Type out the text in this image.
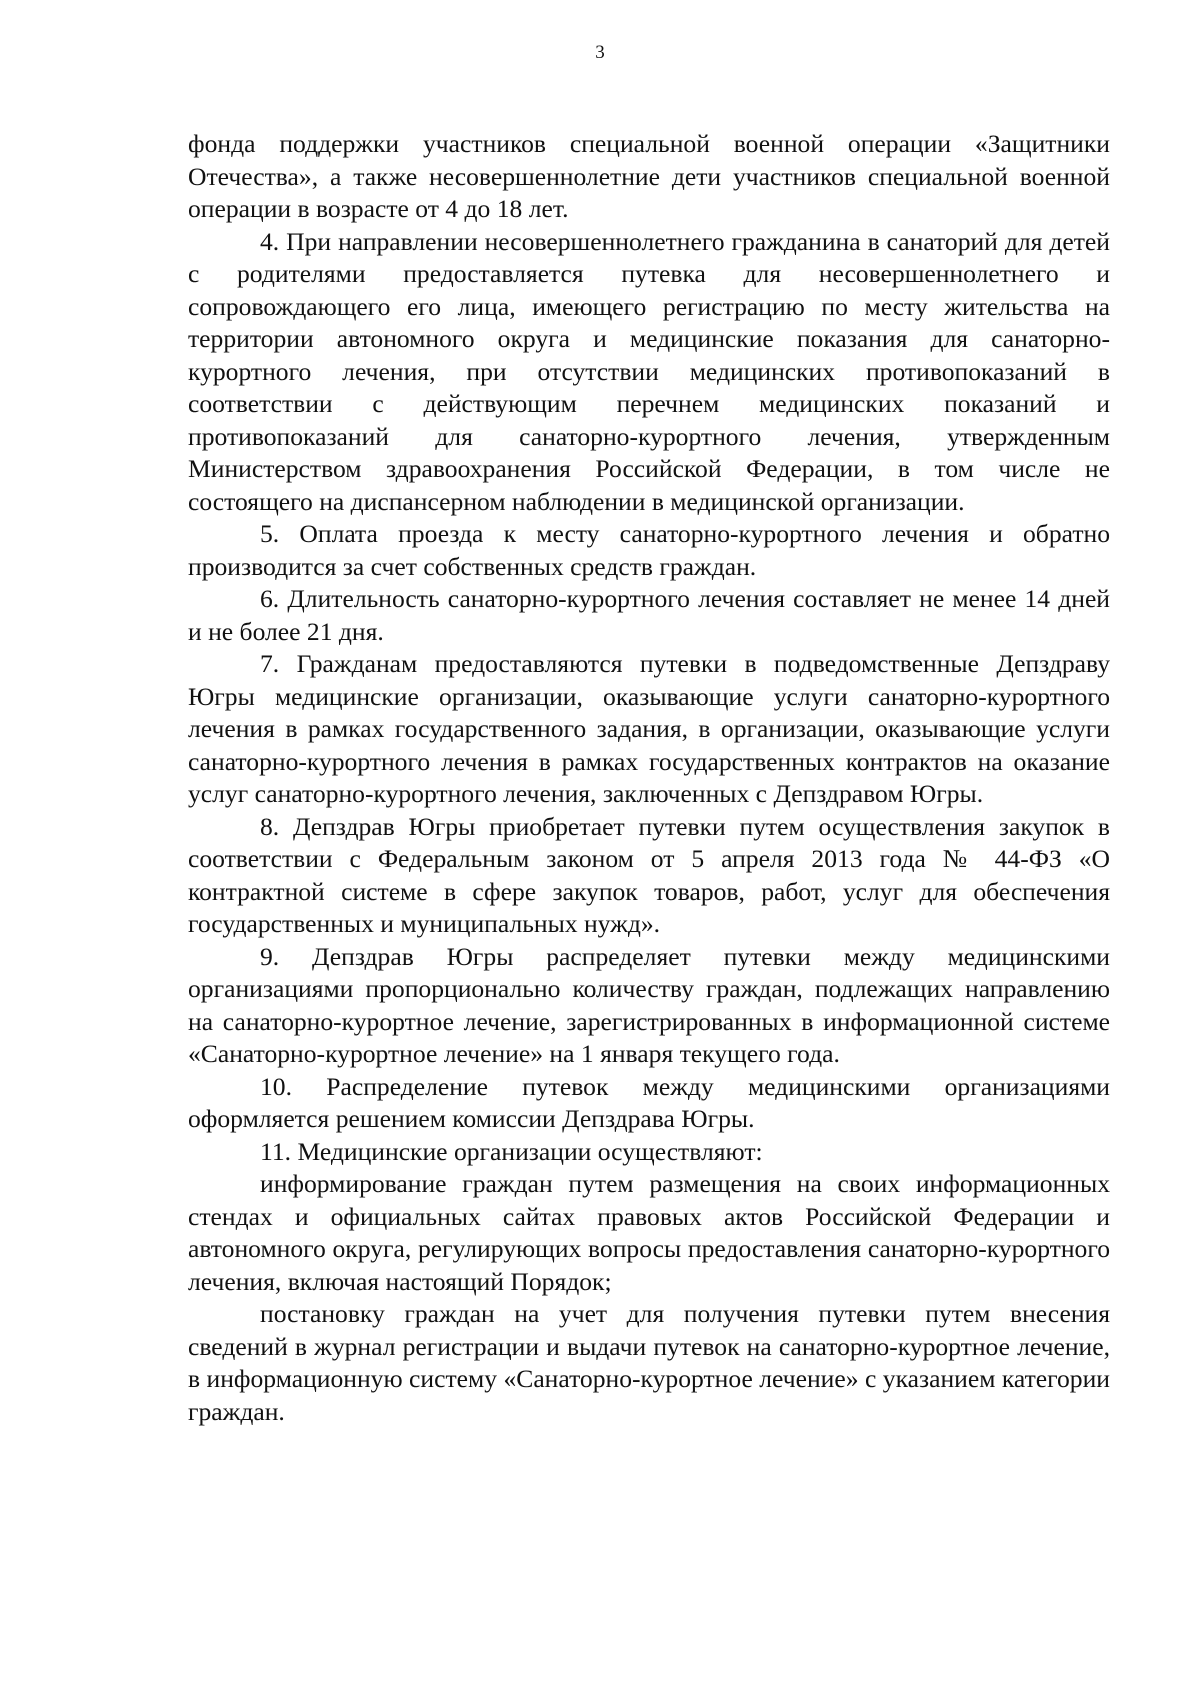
3

фонда поддержки участников специальной военной операции «Защитники Отечества», а также несовершеннолетние дети участников специальной военной операции в возрасте от 4 до 18 лет.

4. При направлении несовершеннолетнего гражданина в санаторий для детей с родителями предоставляется путевка для несовершеннолетнего и сопровождающего его лица, имеющего регистрацию по месту жительства на территории автономного округа и медицинские показания для санаторно-курортного лечения, при отсутствии медицинских противопоказаний в соответствии с действующим перечнем медицинских показаний и противопоказаний для санаторно-курортного лечения, утвержденным Министерством здравоохранения Российской Федерации, в том числе не состоящего на диспансерном наблюдении в медицинской организации.

5. Оплата проезда к месту санаторно-курортного лечения и обратно производится за счет собственных средств граждан.

6. Длительность санаторно-курортного лечения составляет не менее 14 дней и не более 21 дня.

7. Гражданам предоставляются путевки в подведомственные Депздраву Югры медицинские организации, оказывающие услуги санаторно-курортного лечения в рамках государственного задания, в организации, оказывающие услуги санаторно-курортного лечения в рамках государственных контрактов на оказание услуг санаторно-курортного лечения, заключенных с Депздравом Югры.

8. Депздрав Югры приобретает путевки путем осуществления закупок в соответствии с Федеральным законом от 5 апреля 2013 года № 44-ФЗ «О контрактной системе в сфере закупок товаров, работ, услуг для обеспечения государственных и муниципальных нужд».

9. Депздрав Югры распределяет путевки между медицинскими организациями пропорционально количеству граждан, подлежащих направлению на санаторно-курортное лечение, зарегистрированных в информационной системе «Санаторно-курортное лечение» на 1 января текущего года.

10. Распределение путевок между медицинскими организациями оформляется решением комиссии Депздрава Югры.

11. Медицинские организации осуществляют:

информирование граждан путем размещения на своих информационных стендах и официальных сайтах правовых актов Российской Федерации и автономного округа, регулирующих вопросы предоставления санаторно-курортного лечения, включая настоящий Порядок;

постановку граждан на учет для получения путевки путем внесения сведений в журнал регистрации и выдачи путевок на санаторно-курортное лечение, в информационную систему «Санаторно-курортное лечение» с указанием категории граждан.
